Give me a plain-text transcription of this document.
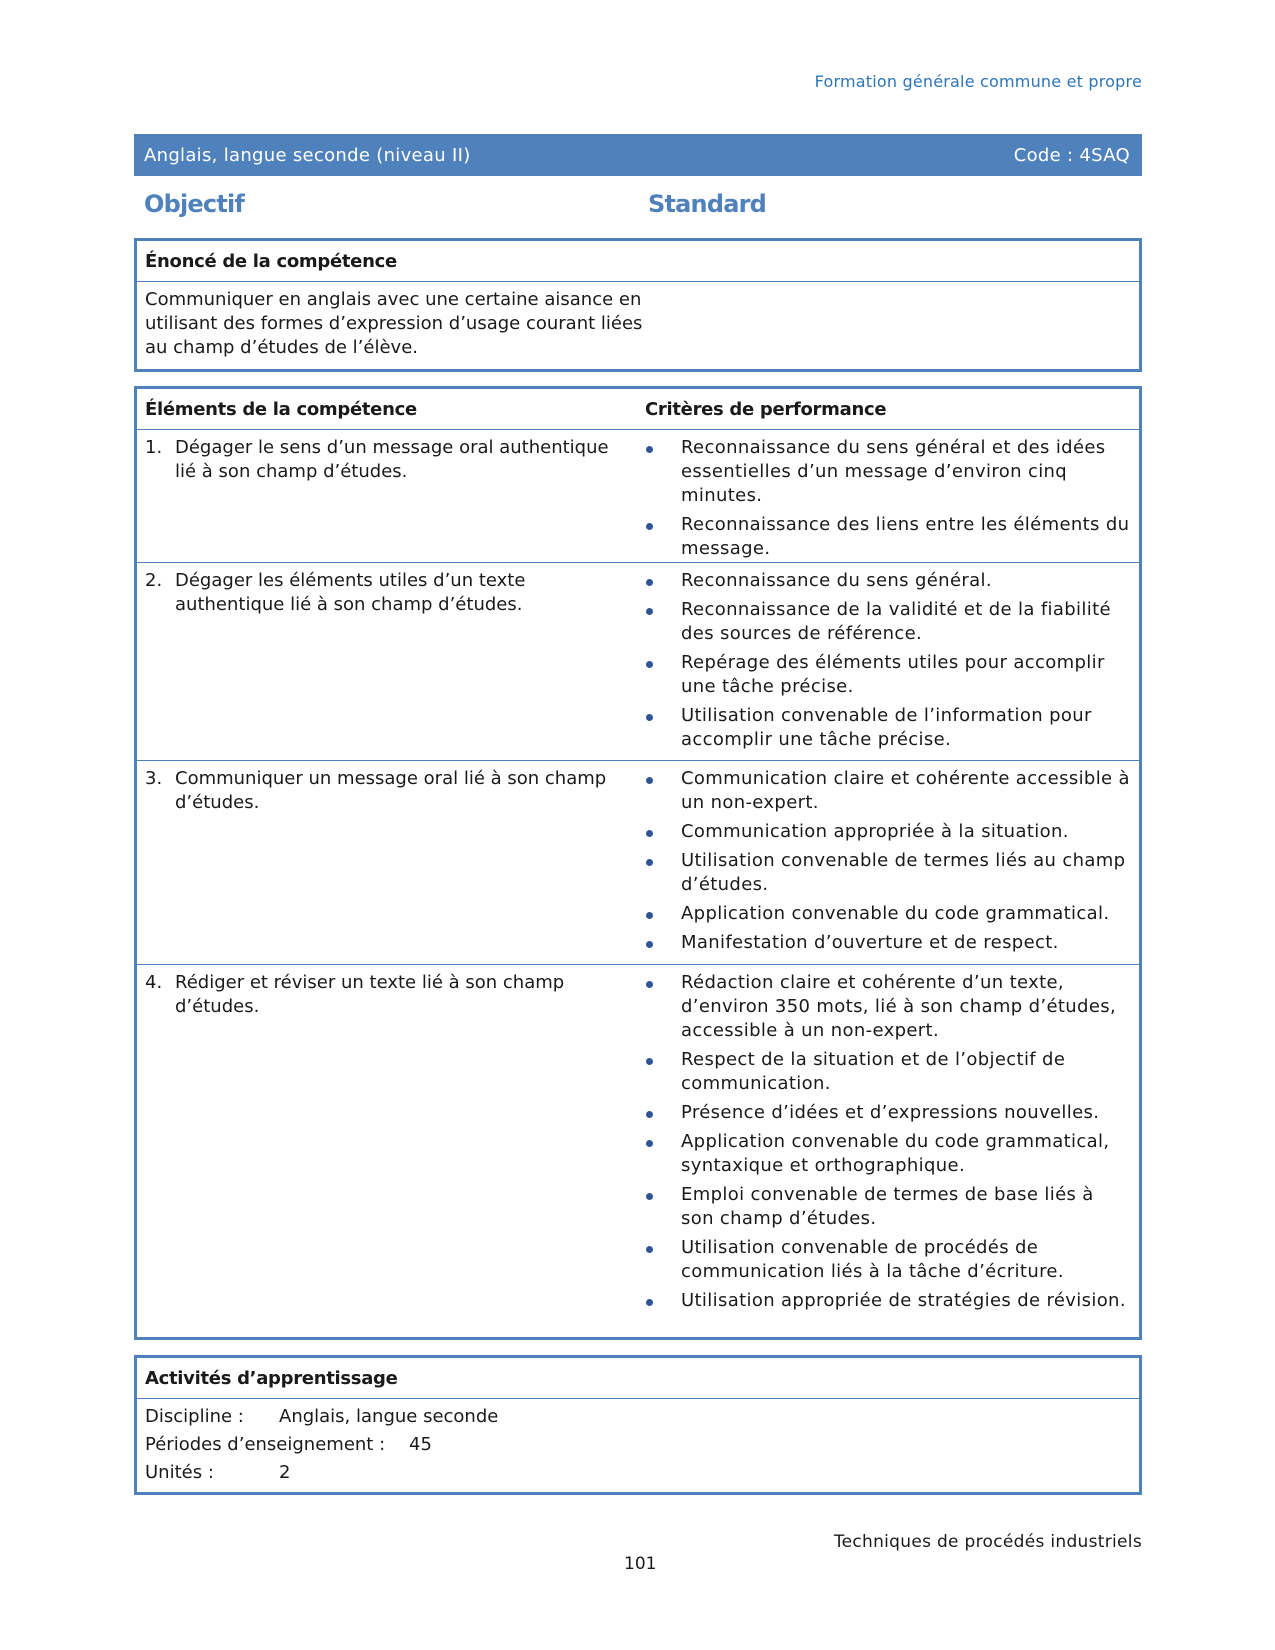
Formation générale commune et propre
Anglais, langue seconde (niveau II)	Code : 4SAQ
Objectif	Standard
Énoncé de la compétence
Communiquer en anglais avec une certaine aisance en utilisant des formes d’expression d’usage courant liées au champ d’études de l’élève.
Éléments de la compétence	Critères de performance
1. Dégager le sens d’un message oral authentique lié à son champ d’études.
Reconnaissance du sens général et des idées essentielles d’un message d’environ cinq minutes.
Reconnaissance des liens entre les éléments du message.
2. Dégager les éléments utiles d’un texte authentique lié à son champ d’études.
Reconnaissance du sens général.
Reconnaissance de la validité et de la fiabilité des sources de référence.
Repérage des éléments utiles pour accomplir une tâche précise.
Utilisation convenable de l’information pour accomplir une tâche précise.
3. Communiquer un message oral lié à son champ d’études.
Communication claire et cohérente accessible à un non-expert.
Communication appropriée à la situation.
Utilisation convenable de termes liés au champ d’études.
Application convenable du code grammatical.
Manifestation d’ouverture et de respect.
4. Rédiger et réviser un texte lié à son champ d’études.
Rédaction claire et cohérente d’un texte, d’environ 350 mots, lié à son champ d’études, accessible à un non-expert.
Respect de la situation et de l’objectif de communication.
Présence d’idées et d’expressions nouvelles.
Application convenable du code grammatical, syntaxique et orthographique.
Emploi convenable de termes de base liés à son champ d’études.
Utilisation convenable de procédés de communication liés à la tâche d’écriture.
Utilisation appropriée de stratégies de révision.
Activités d’apprentissage
Discipline :	Anglais, langue seconde
Périodes d’enseignement :	45
Unités :	2
Techniques de procédés industriels
101
